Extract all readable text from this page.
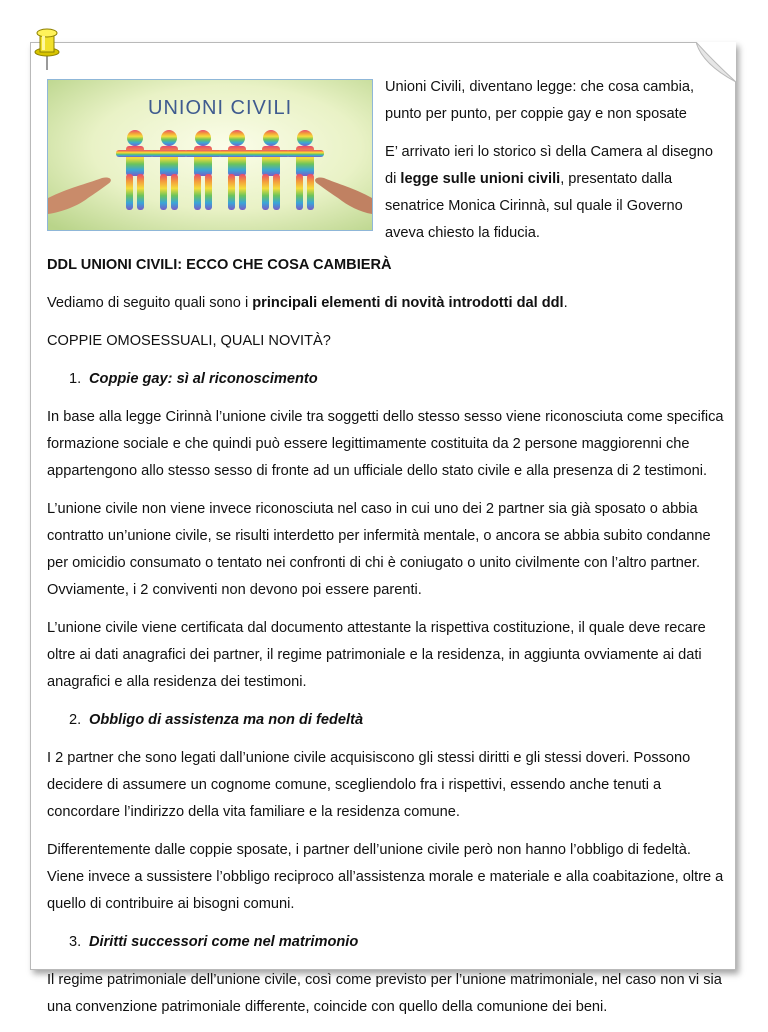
UNIONI CIVILI

Unioni Civili, diventano legge: che cosa cambia, punto per punto, per coppie gay e non sposate

E’ arrivato ieri lo storico sì della Camera al disegno di legge sulle unioni civili, presentato dalla senatrice Monica Cirinnà, sul quale il Governo aveva chiesto la fiducia.

DDL UNIONI CIVILI: ECCO CHE COSA CAMBIERÀ

Vediamo di seguito quali sono i principali elementi di novità introdotti dal ddl.

COPPIE OMOSESSUALI, QUALI NOVITÀ?

1. Coppie gay: sì al riconoscimento

In base alla legge Cirinnà l’unione civile tra soggetti dello stesso sesso viene riconosciuta come specifica formazione sociale e che quindi può essere legittimamente costituita da 2 persone maggiorenni che appartengono allo stesso sesso di fronte ad un ufficiale dello stato civile e alla presenza di 2 testimoni.

L’unione civile non viene invece riconosciuta nel caso in cui uno dei 2 partner sia già sposato o abbia contratto un’unione civile, se risulti interdetto per infermità mentale, o ancora se abbia subito condanne per omicidio consumato o tentato nei confronti di chi è coniugato o unito civilmente con l’altro partner. Ovviamente, i 2 conviventi non devono poi essere parenti.

L’unione civile viene certificata dal documento attestante la rispettiva costituzione, il quale deve recare oltre ai dati anagrafici dei partner, il regime patrimoniale e la residenza, in aggiunta ovviamente ai dati anagrafici e alla residenza dei testimoni.

2. Obbligo di assistenza ma non di fedeltà

I 2 partner che sono legati dall’unione civile acquisiscono gli stessi diritti e gli stessi doveri. Possono decidere di assumere un cognome comune, scegliendolo fra i rispettivi, essendo anche tenuti a concordare l’indirizzo della vita familiare e la residenza comune.

Differentemente dalle coppie sposate, i partner dell’unione civile però non hanno l’obbligo di fedeltà. Viene invece a sussistere l’obbligo reciproco all’assistenza morale e materiale e alla coabitazione, oltre a quello di contribuire ai bisogni comuni.

3. Diritti successori come nel matrimonio

Il regime patrimoniale dell’unione civile, così come previsto per l’unione matrimoniale, nel caso non vi sia una convenzione patrimoniale differente, coincide con quello della comunione dei beni.
